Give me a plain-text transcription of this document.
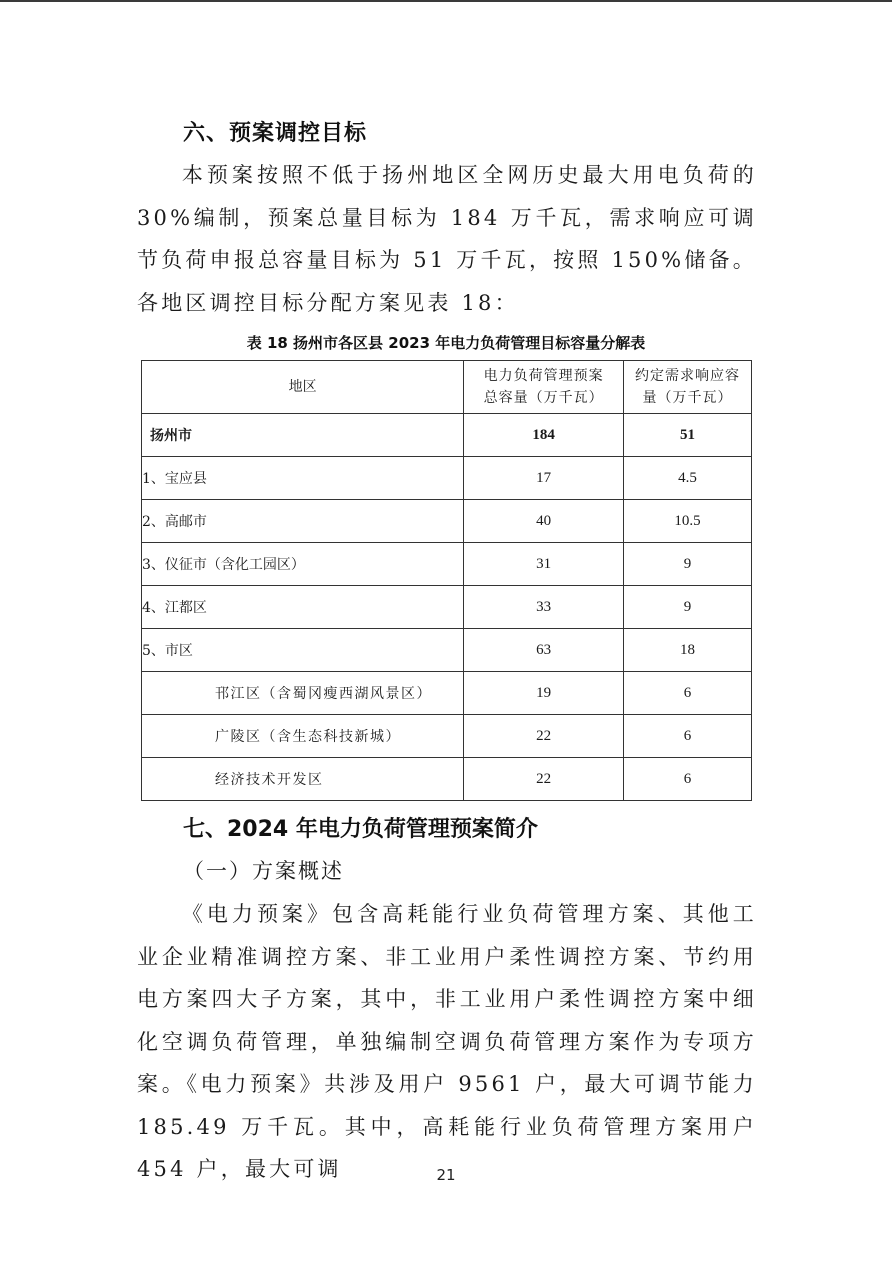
六、预案调控目标
本预案按照不低于扬州地区全网历史最大用电负荷的30%编制，预案总量目标为 184 万千瓦，需求响应可调节负荷申报总容量目标为 51 万千瓦，按照 150%储备。各地区调控目标分配方案见表 18：
表 18 扬州市各区县 2023 年电力负荷管理目标容量分解表
地区	电力负荷管理预案总容量（万千瓦）	约定需求响应容量（万千瓦）

扬州市	184	51
1、宝应县	17	4.5
2、高邮市	40	10.5
3、仪征市（含化工园区）	31	9
4、江都区	33	9
5、市区	63	18
邗江区（含蜀冈瘦西湖风景区）	19	6
广陵区（含生态科技新城）	22	6
经济技术开发区	22	6
七、2024 年电力负荷管理预案简介
（一）方案概述
《电力预案》包含高耗能行业负荷管理方案、其他工业企业精准调控方案、非工业用户柔性调控方案、节约用电方案四大子方案，其中，非工业用户柔性调控方案中细化空调负荷管理，单独编制空调负荷管理方案作为专项方案。《电力预案》共涉及用户 9561 户，最大可调节能力 185.49 万千瓦。其中，高耗能行业负荷管理方案用户 454 户，最大可调	21
